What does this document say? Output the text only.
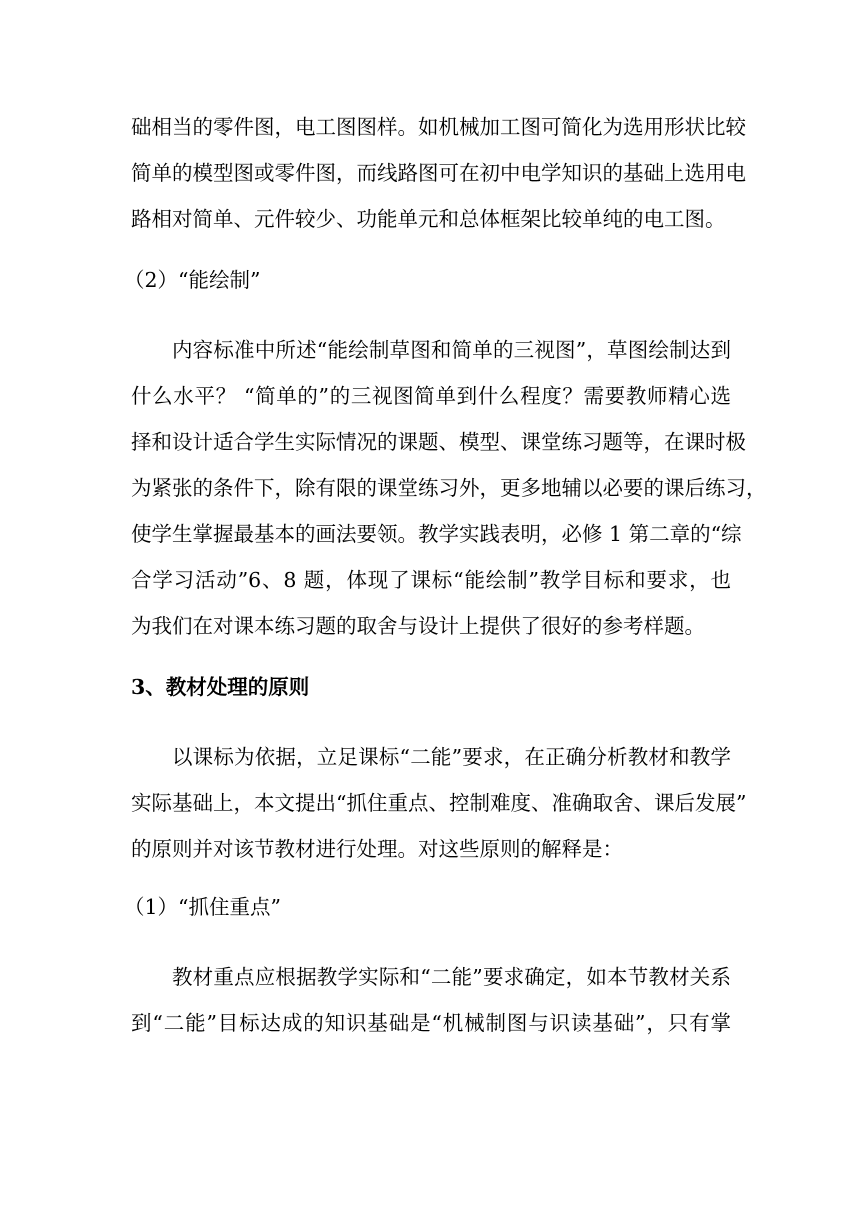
础相当的零件图，电工图图样。如机械加工图可简化为选用形状比较
简单的模型图或零件图，而线路图可在初中电学知识的基础上选用电
路相对简单、元件较少、功能单元和总体框架比较单纯的电工图。
（2）“能绘制”
内容标准中所述“能绘制草图和简单的三视图”，草图绘制达到
什么水平？ “简单的”的三视图简单到什么程度？需要教师精心选
择和设计适合学生实际情况的课题、模型、课堂练习题等，在课时极
为紧张的条件下，除有限的课堂练习外，更多地辅以必要的课后练习，
使学生掌握最基本的画法要领。教学实践表明，必修 1 第二章的“综
合学习活动”6、8 题，体现了课标“能绘制”教学目标和要求，也
为我们在对课本练习题的取舍与设计上提供了很好的参考样题。
3、教材处理的原则
以课标为依据，立足课标“二能”要求，在正确分析教材和教学
实际基础上，本文提出“抓住重点、控制难度、准确取舍、课后发展”
的原则并对该节教材进行处理。对这些原则的解释是：
（1）“抓住重点”
教材重点应根据教学实际和“二能”要求确定，如本节教材关系
到“二能”目标达成的知识基础是“机械制图与识读基础”，只有掌
